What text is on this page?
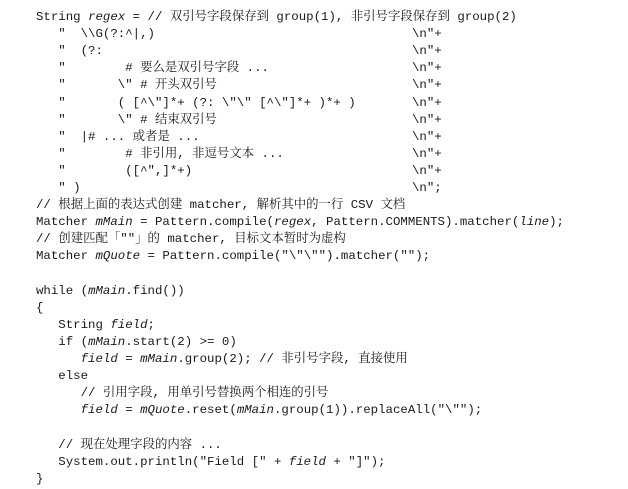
String regex = // 双引号字段保存到 group(1), 非引号字段保存到 group(2)
"  \\G(?:^|,)
"  (?:
"        # 要么是双引号字段 ...
"       \" # 开头双引号
"       ( [^\"]*+ (?: \"\" [^\"]*+ )*+ )
"       \" # 结束双引号
"  |# ... 或者是 ...
"        # 非引用, 非逗号文本 ...
"        ([^",]*+)
" )
// 根据上面的表达式创建 matcher, 解析其中的一行 CSV 文档
Matcher mMain = Pattern.compile(regex, Pattern.COMMENTS).matcher(line);
// 创建匹配「""」的 matcher, 目标文本暂时为虚构
Matcher mQuote = Pattern.compile("\"\"").matcher("");
while (mMain.find())
{
String field;
if (mMain.start(2) >= 0)
field = mMain.group(2); // 非引号字段, 直接使用
else
// 引用字段, 用单引号替换两个相连的引号
field = mQuote.reset(mMain.group(1)).replaceAll("\"");
// 现在处理字段的内容 ...
System.out.println("Field [" + field + "]");
}
\n"+
\n"+
\n"+
\n"+
\n"+
\n"+
\n"+
\n"+
\n"+
\n";
